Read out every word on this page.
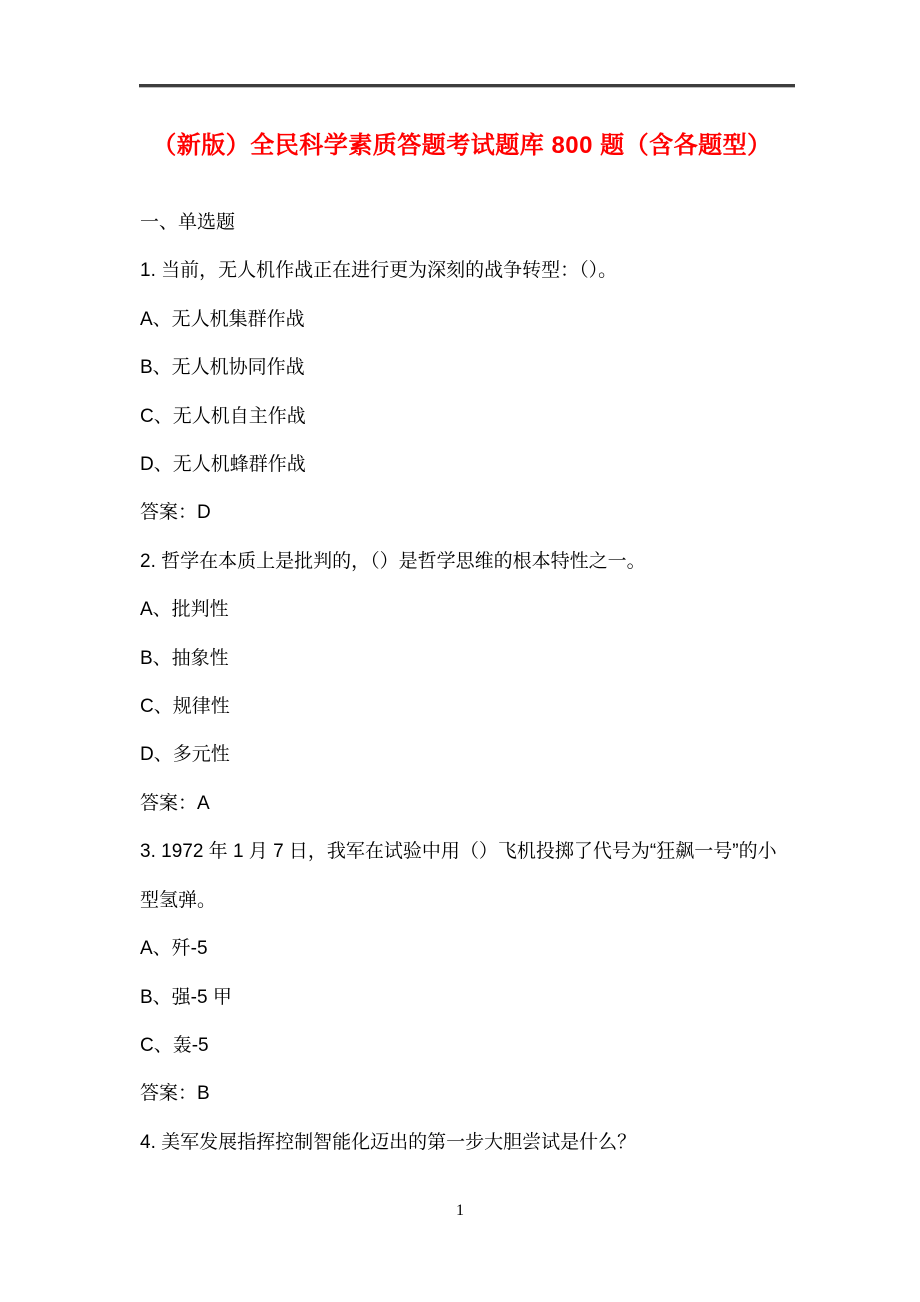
（新版）全民科学素质答题考试题库 800 题（含各题型）
一、单选题
1. 当前，无人机作战正在进行更为深刻的战争转型：（）。
A、无人机集群作战
B、无人机协同作战
C、无人机自主作战
D、无人机蜂群作战
答案：D
2. 哲学在本质上是批判的，（）是哲学思维的根本特性之一。
A、批判性
B、抽象性
C、规律性
D、多元性
答案：A
3. 1972 年 1 月 7 日，我军在试验中用（）飞机投掷了代号为“狂飙一号”的小
型氢弹。
A、歼-5
B、强-5 甲
C、轰-5
答案：B
4. 美军发展指挥控制智能化迈出的第一步大胆尝试是什么？
1
